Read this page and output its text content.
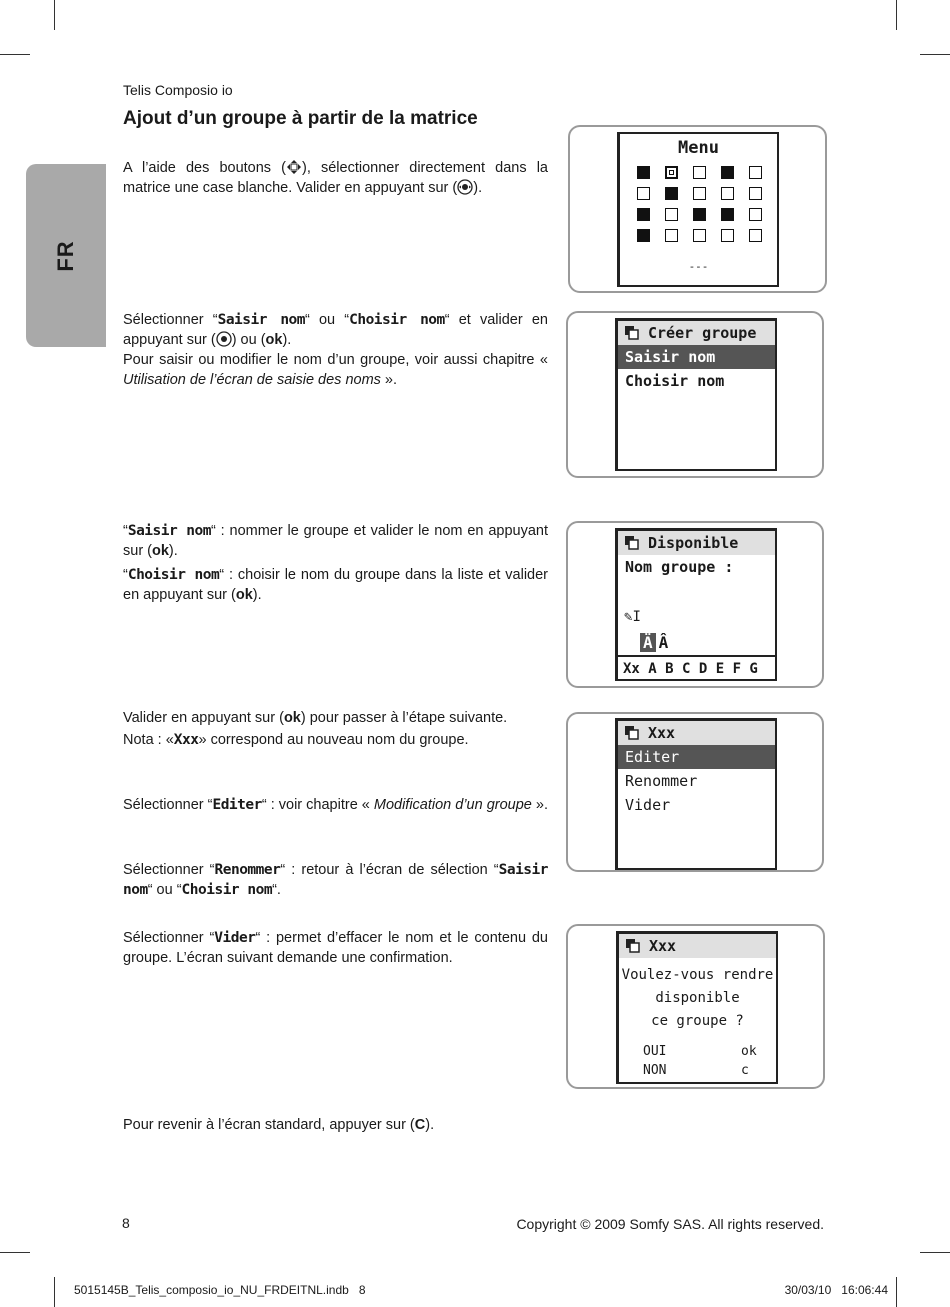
Telis Composio io
Ajout d’un groupe à partir de la matrice
FR

A l’aide des boutons ( ), sélectionner directement dans la matrice une case blanche. Valider en appuyant sur ( ).

Sélectionner “Saisir nom“ ou “Choisir nom“ et valider en appuyant sur ( ) ou (ok).

Pour saisir ou modifier le nom d’un groupe, voir aussi chapitre « Utilisation de l’écran de saisie des noms ».

“Saisir nom“ : nommer le groupe et valider le nom en appuyant sur (ok).

“Choisir nom“ : choisir le nom du groupe dans la liste et valider en appuyant sur (ok).

Valider en appuyant sur (ok) pour passer à l’étape suivante.

Nota : «Xxx» correspond au nouveau nom du groupe.

Sélectionner “Editer“ : voir chapitre « Modification d’un groupe ».

Sélectionner “Renommer“ : retour à l’écran de sélection “Saisir nom“ ou “Choisir nom“.

Sélectionner “Vider“ : permet d’effacer le nom et le contenu du groupe. L’écran suivant demande une confirmation.

Pour revenir à l’écran standard, appuyer sur (C).

Menu
---
Créer groupe
Saisir nom
Choisir nom
Disponible
Nom groupe :
✎I
Ä Â
Xx A B C D E F G
Xxx
Editer
Renommer
Vider
Xxx
Voulez-vous rendre
disponible
ce groupe ?
OUI	ok
NON	c
8	Copyright © 2009 Somfy SAS. All rights reserved.
5015145B_Telis_composio_io_NU_FRDEITNL.indb   8	30/03/10   16:06:44
